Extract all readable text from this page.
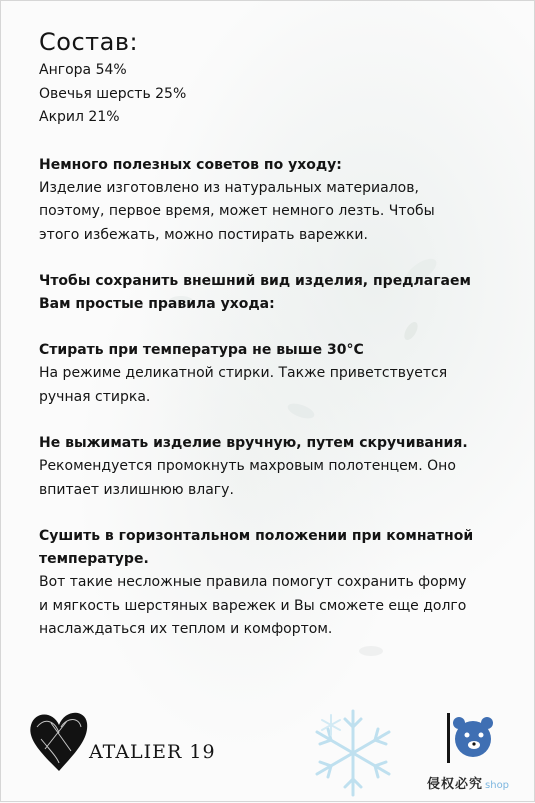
Состав:

Ангора 54%

Овечья шерсть 25%

Акрил 21%

Немного полезных советов по уходу:

Изделие изготовлено из натуральных материалов,

поэтому, первое время, может немного лезть. Чтобы

этого избежать, можно постирать варежки.

Чтобы сохранить внешний вид изделия, предлагаем

Вам простые правила ухода:

Стирать при температура не выше 30°С

На режиме деликатной стирки. Также приветствуется

ручная стирка.

Не выжимать изделие вручную, путем скручивания.

Рекомендуется промокнуть махровым полотенцем. Оно

впитает излишнюю влагу.

Сушить в горизонтальном положении при комнатной

температуре.

Вот такие несложные правила помогут сохранить форму

и мягкость шерстяных варежек и Вы сможете еще долго

наслаждаться их теплом и комфортом.

ATALIER 19

侵权必究 shop
